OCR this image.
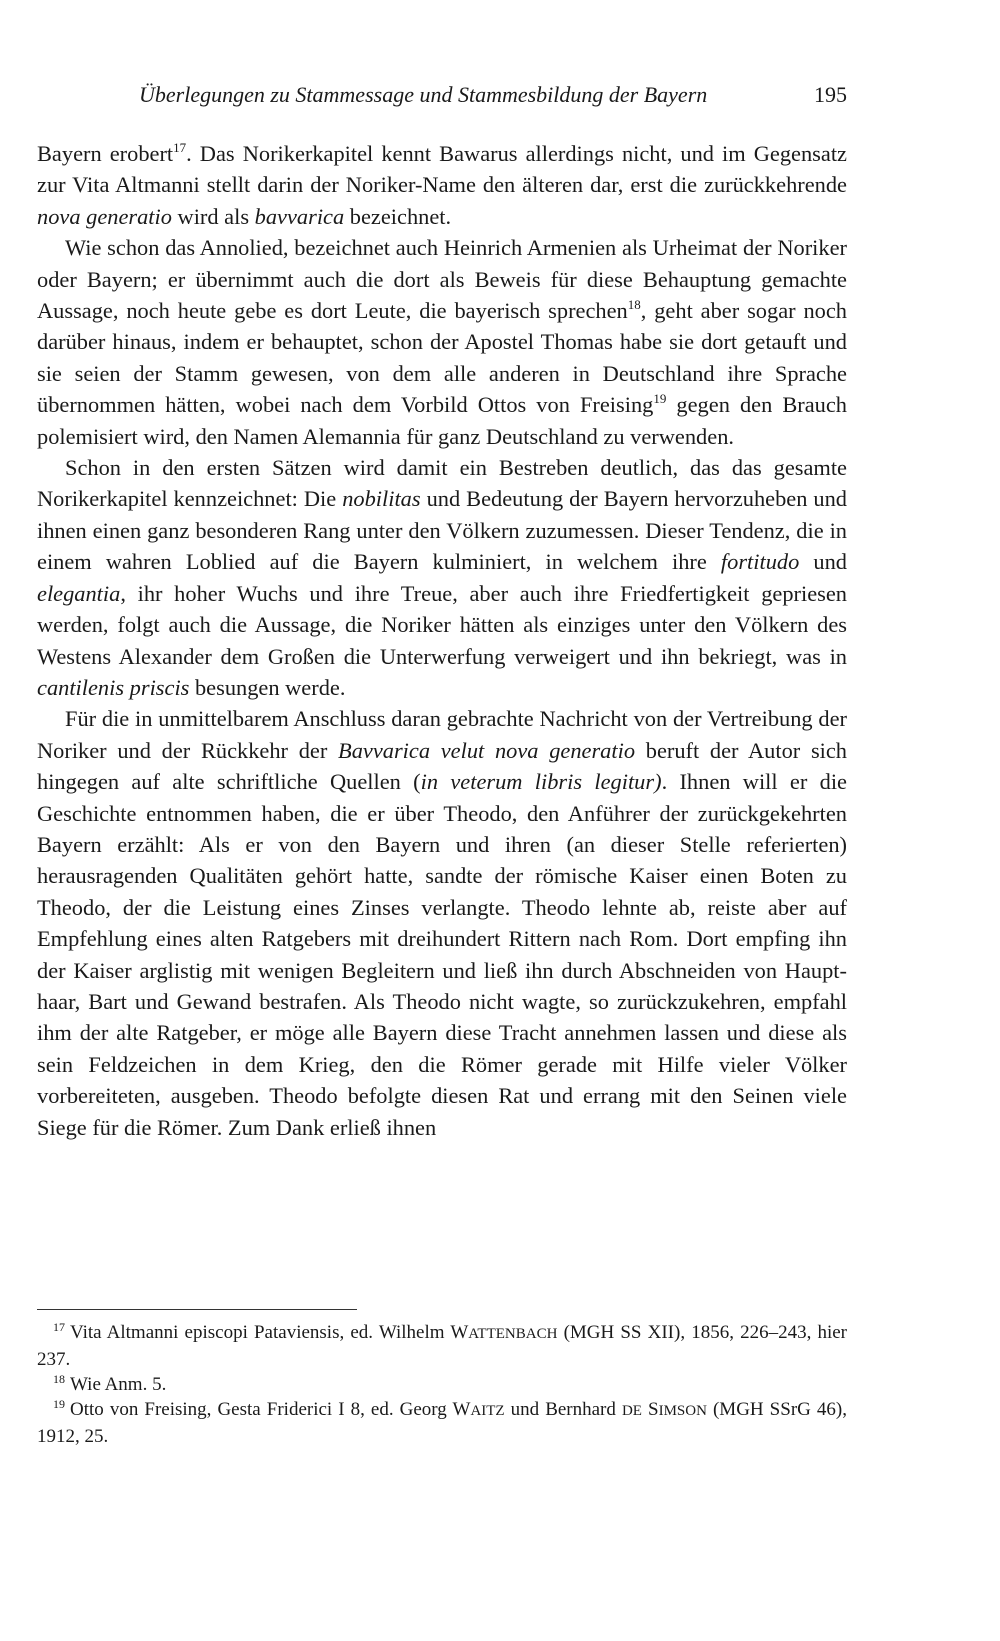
Überlegungen zu Stammessage und Stammesbildung der Bayern	195

Bayern erobert$^{17}$. Das Norikerkapitel kennt Bawarus allerdings nicht, und im Gegensatz zur Vita Altmanni stellt darin der Noriker-Name den älteren dar, erst die zurückkehrende nova generatio wird als bavvarica bezeichnet.

Wie schon das Annolied, bezeichnet auch Heinrich Armenien als Urheimat der Noriker oder Bayern; er übernimmt auch die dort als Beweis für diese Behauptung gemachte Aussage, noch heute gebe es dort Leute, die bayerisch sprechen$^{18}$, geht aber sogar noch darüber hinaus, indem er behauptet, schon der Apostel Thomas habe sie dort getauft und sie seien der Stamm gewesen, von dem alle anderen in Deutschland ihre Sprache übernommen hätten, wobei nach dem Vorbild Ottos von Freising$^{19}$ gegen den Brauch polemisiert wird, den Namen Alemannia für ganz Deutschland zu verwenden.

Schon in den ersten Sätzen wird damit ein Bestreben deutlich, das das gesamte Norikerkapitel kennzeichnet: Die nobilitas und Bedeutung der Bayern hervorzuheben und ihnen einen ganz besonderen Rang unter den Völkern zuzumessen. Dieser Tendenz, die in einem wahren Loblied auf die Bayern kulminiert, in welchem ihre fortitudo und elegantia, ihr hoher Wuchs und ihre Treue, aber auch ihre Friedfertigkeit gepriesen werden, folgt auch die Aussage, die Noriker hätten als einziges unter den Völkern des Westens Alexander dem Großen die Unterwerfung verweigert und ihn bekriegt, was in cantilenis priscis besungen werde.

Für die in unmittelbarem Anschluss daran gebrachte Nachricht von der Vertreibung der Noriker und der Rückkehr der Bavvarica velut nova generatio beruft der Autor sich hingegen auf alte schriftliche Quellen (in veterum libris legitur). Ihnen will er die Geschichte entnommen haben, die er über Theodo, den Anführer der zurückgekehrten Bayern erzählt: Als er von den Bayern und ihren (an dieser Stelle referierten) herausragenden Qualitäten gehört hatte, sandte der römische Kaiser einen Boten zu Theodo, der die Leistung eines Zinses verlangte. Theodo lehnte ab, reiste aber auf Empfehlung eines alten Ratgebers mit dreihundert Rittern nach Rom. Dort empfing ihn der Kaiser arglistig mit wenigen Begleitern und ließ ihn durch Abschneiden von Haupthaar, Bart und Gewand bestrafen. Als Theodo nicht wagte, so zurückzukehren, empfahl ihm der alte Ratgeber, er möge alle Bayern diese Tracht annehmen lassen und diese als sein Feldzeichen in dem Krieg, den die Römer gerade mit Hilfe vieler Völker vorbereiteten, ausgeben. Theodo befolgte diesen Rat und errang mit den Seinen viele Siege für die Römer. Zum Dank erließ ihnen

$^{17}$ Vita Altmanni episcopi Pataviensis, ed. Wilhelm WATTENBACH (MGH SS XII), 1856, 226–243, hier 237.

$^{18}$ Wie Anm. 5.

$^{19}$ Otto von Freising, Gesta Friderici I 8, ed. Georg WAITZ und Bernhard DE SIMSON (MGH SSrG 46), 1912, 25.
